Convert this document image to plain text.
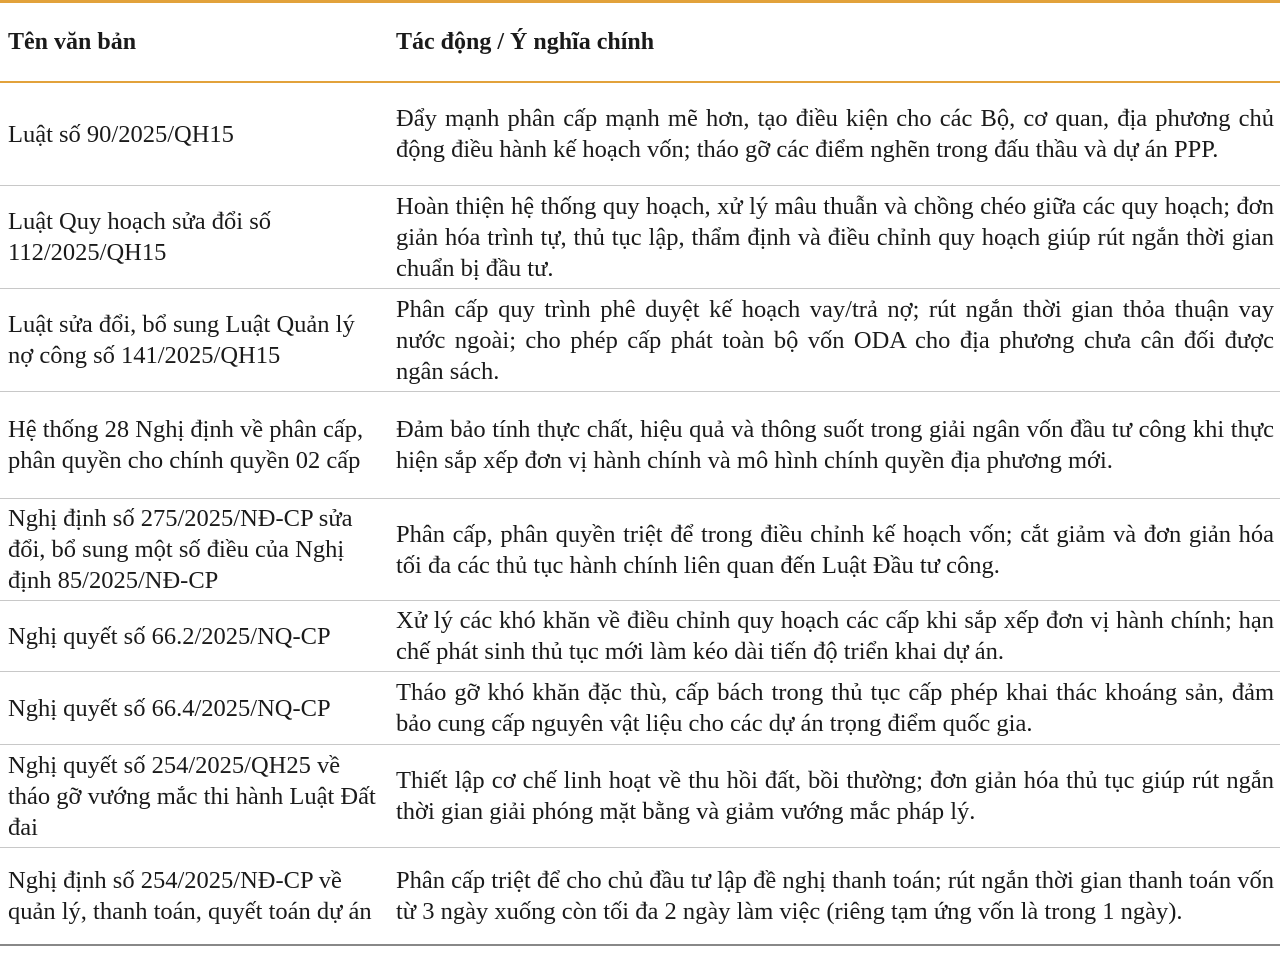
Tên văn bản	Tác động / Ý nghĩa chính
Luật số 90/2025/QH15	Đẩy mạnh phân cấp mạnh mẽ hơn, tạo điều kiện cho các Bộ, cơ quan, địa phương chủ động điều hành kế hoạch vốn; tháo gỡ các điểm nghẽn trong đấu thầu và dự án PPP.
Luật Quy hoạch sửa đổi số 112/2025/QH15	Hoàn thiện hệ thống quy hoạch, xử lý mâu thuẫn và chồng chéo giữa các quy hoạch; đơn giản hóa trình tự, thủ tục lập, thẩm định và điều chỉnh quy hoạch giúp rút ngắn thời gian chuẩn bị đầu tư.
Luật sửa đổi, bổ sung Luật Quản lý nợ công số 141/2025/QH15	Phân cấp quy trình phê duyệt kế hoạch vay/trả nợ; rút ngắn thời gian thỏa thuận vay nước ngoài; cho phép cấp phát toàn bộ vốn ODA cho địa phương chưa cân đối được ngân sách.
Hệ thống 28 Nghị định về phân cấp, phân quyền cho chính quyền 02 cấp	Đảm bảo tính thực chất, hiệu quả và thông suốt trong giải ngân vốn đầu tư công khi thực hiện sắp xếp đơn vị hành chính và mô hình chính quyền địa phương mới.
Nghị định số 275/2025/NĐ-CP sửa đổi, bổ sung một số điều của Nghị định 85/2025/NĐ-CP	Phân cấp, phân quyền triệt để trong điều chỉnh kế hoạch vốn; cắt giảm và đơn giản hóa tối đa các thủ tục hành chính liên quan đến Luật Đầu tư công.
Nghị quyết số 66.2/2025/NQ-CP	Xử lý các khó khăn về điều chỉnh quy hoạch các cấp khi sắp xếp đơn vị hành chính; hạn chế phát sinh thủ tục mới làm kéo dài tiến độ triển khai dự án.
Nghị quyết số 66.4/2025/NQ-CP	Tháo gỡ khó khăn đặc thù, cấp bách trong thủ tục cấp phép khai thác khoáng sản, đảm bảo cung cấp nguyên vật liệu cho các dự án trọng điểm quốc gia.
Nghị quyết số 254/2025/QH25 về tháo gỡ vướng mắc thi hành Luật Đất đai	Thiết lập cơ chế linh hoạt về thu hồi đất, bồi thường; đơn giản hóa thủ tục giúp rút ngắn thời gian giải phóng mặt bằng và giảm vướng mắc pháp lý.
Nghị định số 254/2025/NĐ-CP về quản lý, thanh toán, quyết toán dự án	Phân cấp triệt để cho chủ đầu tư lập đề nghị thanh toán; rút ngắn thời gian thanh toán vốn từ 3 ngày xuống còn tối đa 2 ngày làm việc (riêng tạm ứng vốn là trong 1 ngày).
